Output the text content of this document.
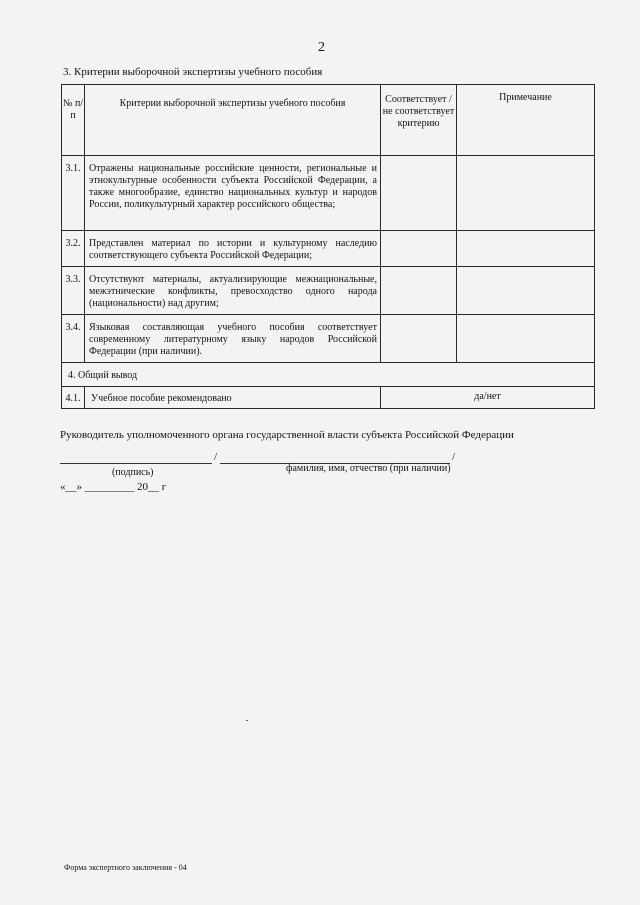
2
3. Критерии выборочной экспертизы учебного пособия
№ п/п	Критерии выборочной экспертизы учебного пособия	Соответствует /не соответствует критерию	Примечание
3.1.	Отражены национальные российские ценности, региональные и этнокультурные особенности субъекта Российской Федерации, а также многообразие, единство национальных культур и народов России, поликультурный характер российского общества;		
3.2.	Представлен материал по истории и культурному наследию соответствующего субъекта Российской Федерации;		
3.3.	Отсутствуют материалы, актуализирующие межнациональные, межэтнические конфликты, превосходство одного народа (национальности) над другим;		
3.4.	Языковая составляющая учебного пособия соответствует современному литературному языку народов Российской Федерации (при наличии).		
4. Общий вывод			
4.1.	Учебное пособие рекомендовано	да/нет	
Руководитель уполномоченного органа государственной власти субъекта Российской Федерации
/	/
(подпись)	фамилия, имя, отчество (при наличии)
«__» _________ 20__ г
Форма экспертного заключения - 04
